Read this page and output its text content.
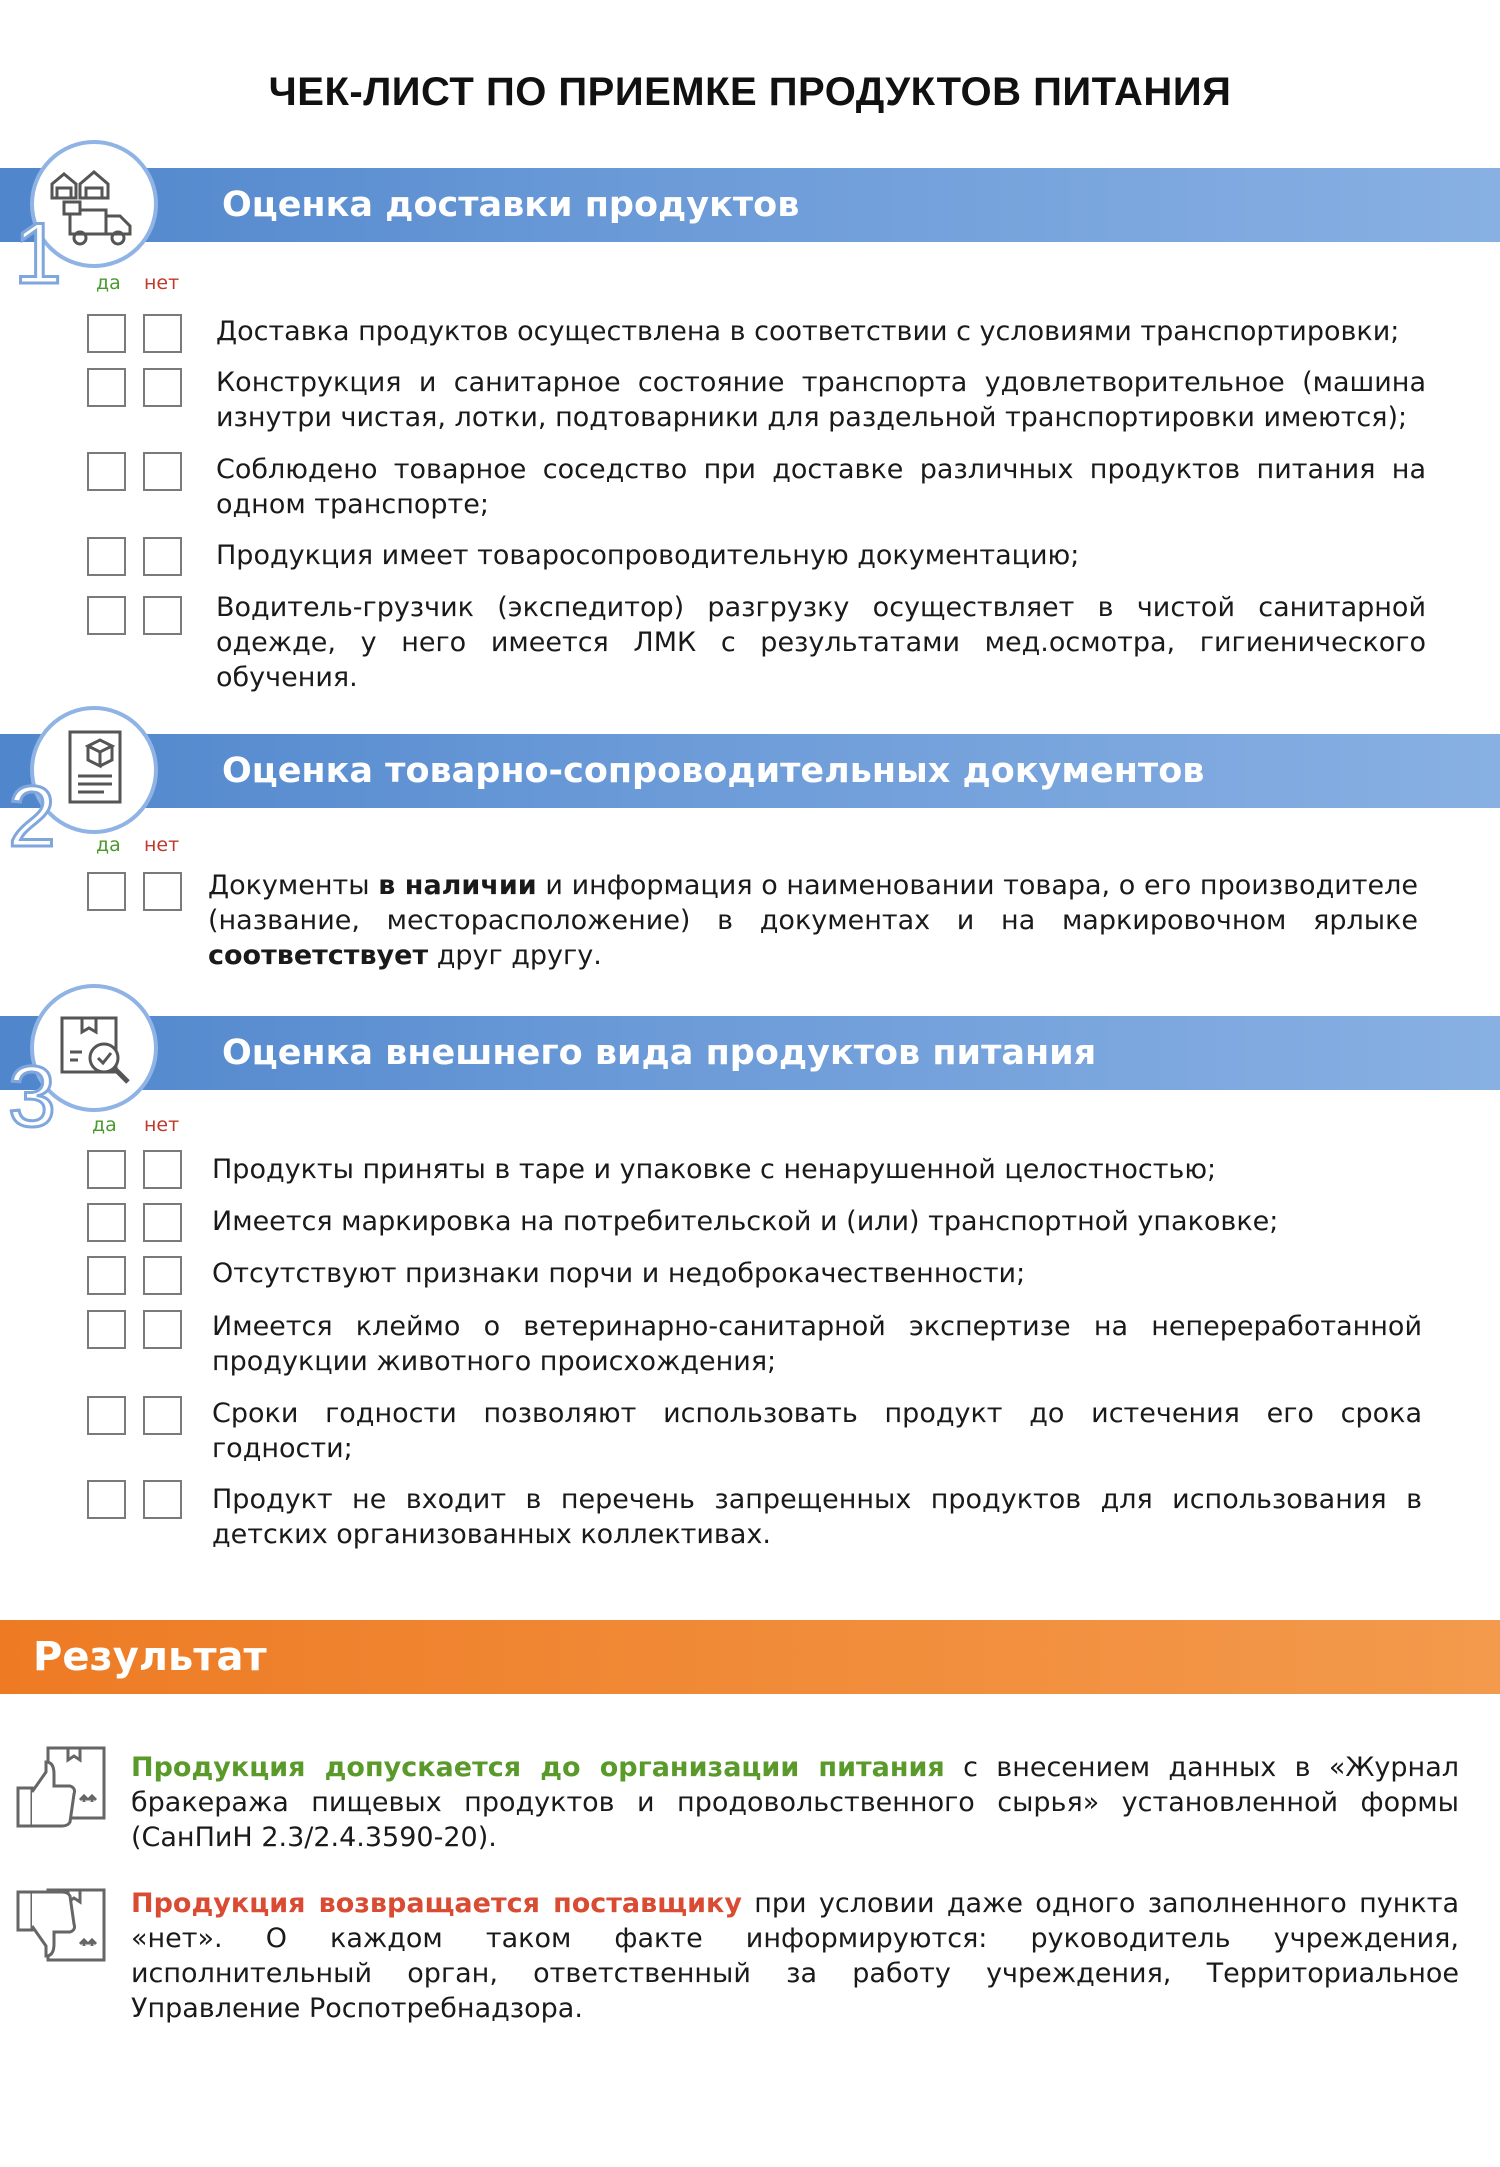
ЧЕК-ЛИСТ ПО ПРИЕМКЕ ПРОДУКТОВ ПИТАНИЯ
Оценка доставки продуктов
1 да нет
Доставка продуктов осуществлена в соответствии с условиями транспортировки;
Конструкция и санитарное состояние транспорта удовлетворительное (машина изнутри чистая, лотки, подтоварники для раздельной транспортировки имеются);
Соблюдено товарное соседство при доставке различных продуктов питания на одном транспорте;
Продукция имеет товаросопроводительную документацию;
Водитель-грузчик (экспедитор) разгрузку осуществляет в чистой санитарной одежде, у него имеется ЛМК с результатами мед.осмотра, гигиенического обучения.
Оценка товарно-сопроводительных документов
2 да нет
Документы в наличии и информация о наименовании товара, о его производителе (название, месторасположение) в документах и на маркировочном ярлыке соответствует друг другу.
Оценка внешнего вида продуктов питания
3 да нет
Продукты приняты в таре и упаковке с ненарушенной целостностью;
Имеется маркировка на потребительской и (или) транспортной упаковке;
Отсутствуют признаки порчи и недоброкачественности;
Имеется клеймо о ветеринарно-санитарной экспертизе на непереработанной продукции животного происхождения;
Сроки годности позволяют использовать продукт до истечения его срока годности;
Продукт не входит в перечень запрещенных продуктов для использования в детских организованных коллективах.
Результат
Продукция допускается до организации питания с внесением данных в «Журнал бракеража пищевых продуктов и продовольственного сырья» установленной формы (СанПиН 2.3/2.4.3590-20).
Продукция возвращается поставщику при условии даже одного заполненного пункта «нет». О каждом таком факте информируются: руководитель учреждения, исполнительный орган, ответственный за работу учреждения, Территориальное Управление Роспотребнадзора.
